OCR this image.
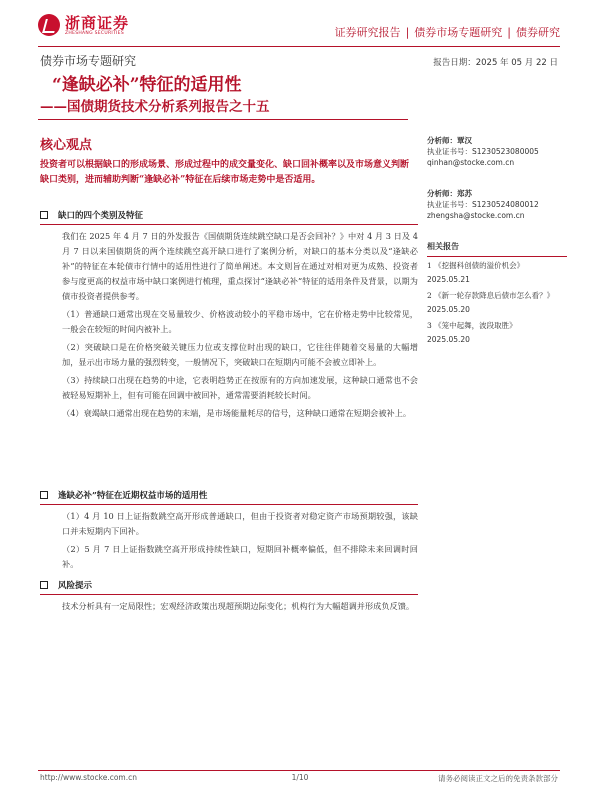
浙商证券
ZHESHANG SECURITIES	证券研究报告 | 债券市场专题研究 | 债券研究
债券市场专题研究	报告日期：2025 年 05 月 22 日
“逢缺必补”特征的适用性
——国债期货技术分析系列报告之十五
核心观点
投资者可以根据缺口的形成场景、形成过程中的成交量变化、缺口回补概率以及市场意义判断缺口类别，进而辅助判断“逢缺必补”特征在后续市场走势中是否适用。
分析师：覃汉
执业证书号：S1230523080005
qinhan@stocke.com.cn
分析师：郑苏
执业证书号：S1230524080012
zhengsha@stocke.com.cn
相关报告
1 《挖掘科创债的溢价机会》
2025.05.21
2 《新一轮存款降息后债市怎么看？》
2025.05.20
3 《笼中起舞，波段取胜》
2025.05.20
缺口的四个类别及特征
我们在 2025 年 4 月 7 日的外发报告《国债期货连续跳空缺口是否会回补？》中对 4 月 3 日及 4 月 7 日以来国债期货的两个连续跳空高开缺口进行了案例分析，对缺口的基本分类以及“逢缺必补”的特征在本轮债市行情中的适用性进行了简单阐述。本文则旨在通过对相对更为成熟、投资者参与度更高的权益市场中缺口案例进行梳理，重点探讨“逢缺必补”特征的适用条件及背景，以期为债市投资者提供参考。
（1）普通缺口通常出现在交易量较少、价格波动较小的平稳市场中，它在价格走势中比较常见，一般会在较短的时间内被补上。
（2）突破缺口是在价格突破关键压力位或支撑位时出现的缺口，它往往伴随着交易量的大幅增加，显示出市场力量的强烈转变，一般情况下，突破缺口在短期内可能不会被立即补上。
（3）持续缺口出现在趋势的中途，它表明趋势正在按原有的方向加速发展，这种缺口通常也不会被轻易短期补上，但有可能在回调中被回补，通常需要消耗较长时间。
（4）衰竭缺口通常出现在趋势的末端，是市场能量耗尽的信号，这种缺口通常在短期会被补上。
逢缺必补”特征在近期权益市场的适用性
（1）4 月 10 日上证指数跳空高开形成普通缺口，但由于投资者对稳定资产市场预期较强，该缺口并未短期内下回补。
（2）5 月 7 日上证指数跳空高开形成持续性缺口，短期回补概率偏低，但不排除未来回调时回补。
风险提示
技术分析具有一定局限性；宏观经济政策出现超预期边际变化；机构行为大幅超调并形成负反馈。
http://www.stocke.com.cn	1/10	请务必阅读正文之后的免责条款部分
